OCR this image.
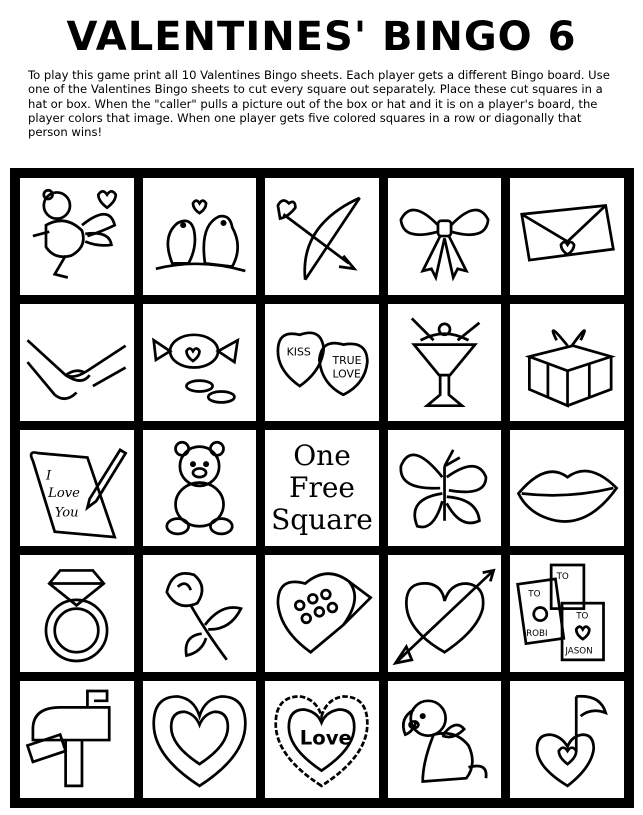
VALENTINES' BINGO 6
To play this game print all 10 Valentines Bingo sheets. Each player gets a different Bingo board. Use one of the Valentines Bingo sheets to cut every square out separately. Place these cut squares in a hat or box. When the "caller" pulls a picture out of the box or hat and it is on a player's board, the player colors that image. When one player gets five colored squares in a row or diagonally that person wins!
KISS
TRUE
LOVE
I
Love
You
One
Free
Square
TO
TO
ROBI
TO
JASON
Love
